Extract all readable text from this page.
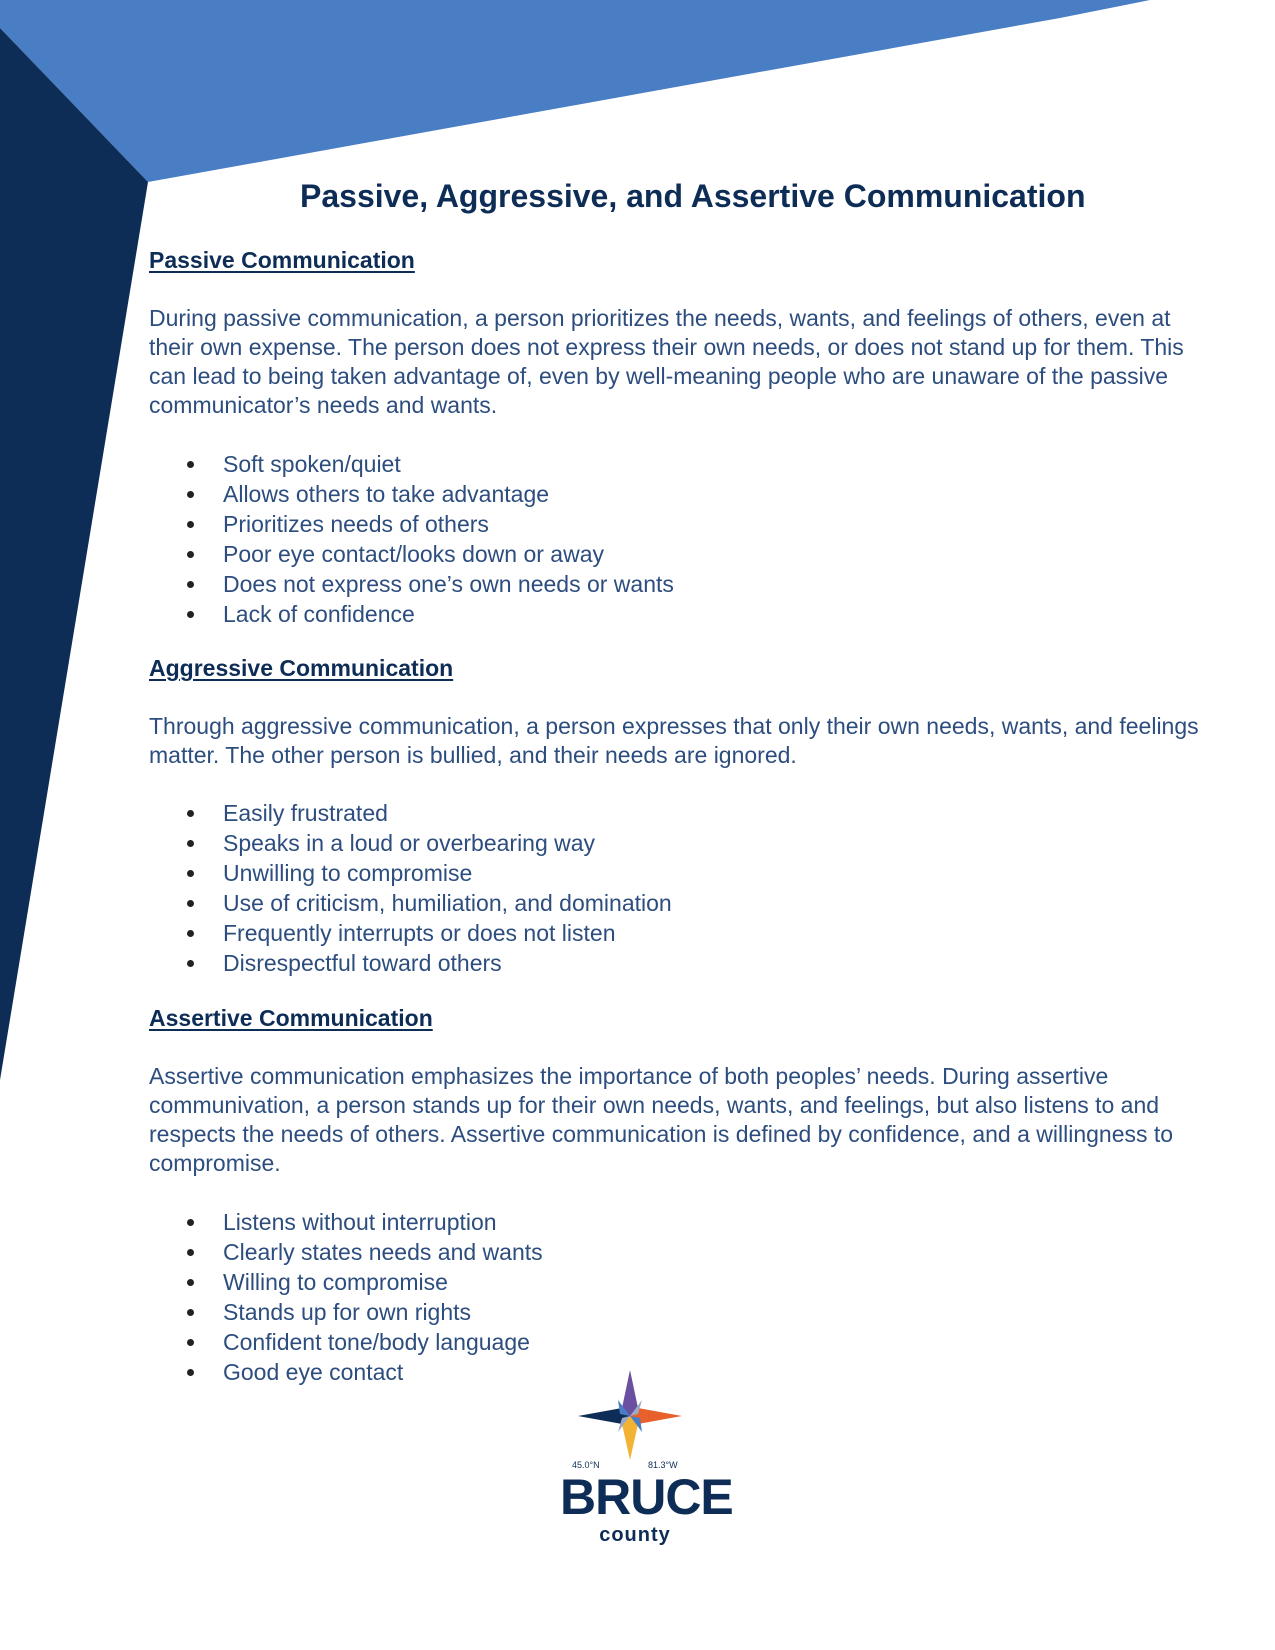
Passive, Aggressive, and Assertive Communication
Passive Communication

During passive communication, a person prioritizes the needs, wants, and feelings of others, even at their own expense. The person does not express their own needs, or does not stand up for them. This can lead to being taken advantage of, even by well-meaning people who are unaware of the passive communicator’s needs and wants.

Soft spoken/quiet
Allows others to take advantage
Prioritizes needs of others
Poor eye contact/looks down or away
Does not express one’s own needs or wants
Lack of confidence
Aggressive Communication

Through aggressive communication, a person expresses that only their own needs, wants, and feelings matter. The other person is bullied, and their needs are ignored.

Easily frustrated
Speaks in a loud or overbearing way
Unwilling to compromise
Use of criticism, humiliation, and domination
Frequently interrupts or does not listen
Disrespectful toward others
Assertive Communication

Assertive communication emphasizes the importance of both peoples’ needs. During assertive communivation, a person stands up for their own needs, wants, and feelings, but also listens to and respects the needs of others. Assertive communication is defined by confidence, and a willingness to compromise.

Listens without interruption
Clearly states needs and wants
Willing to compromise
Stands up for own rights
Confident tone/body language
Good eye contact
45.0°N	81.3°W
BRUCE
county
